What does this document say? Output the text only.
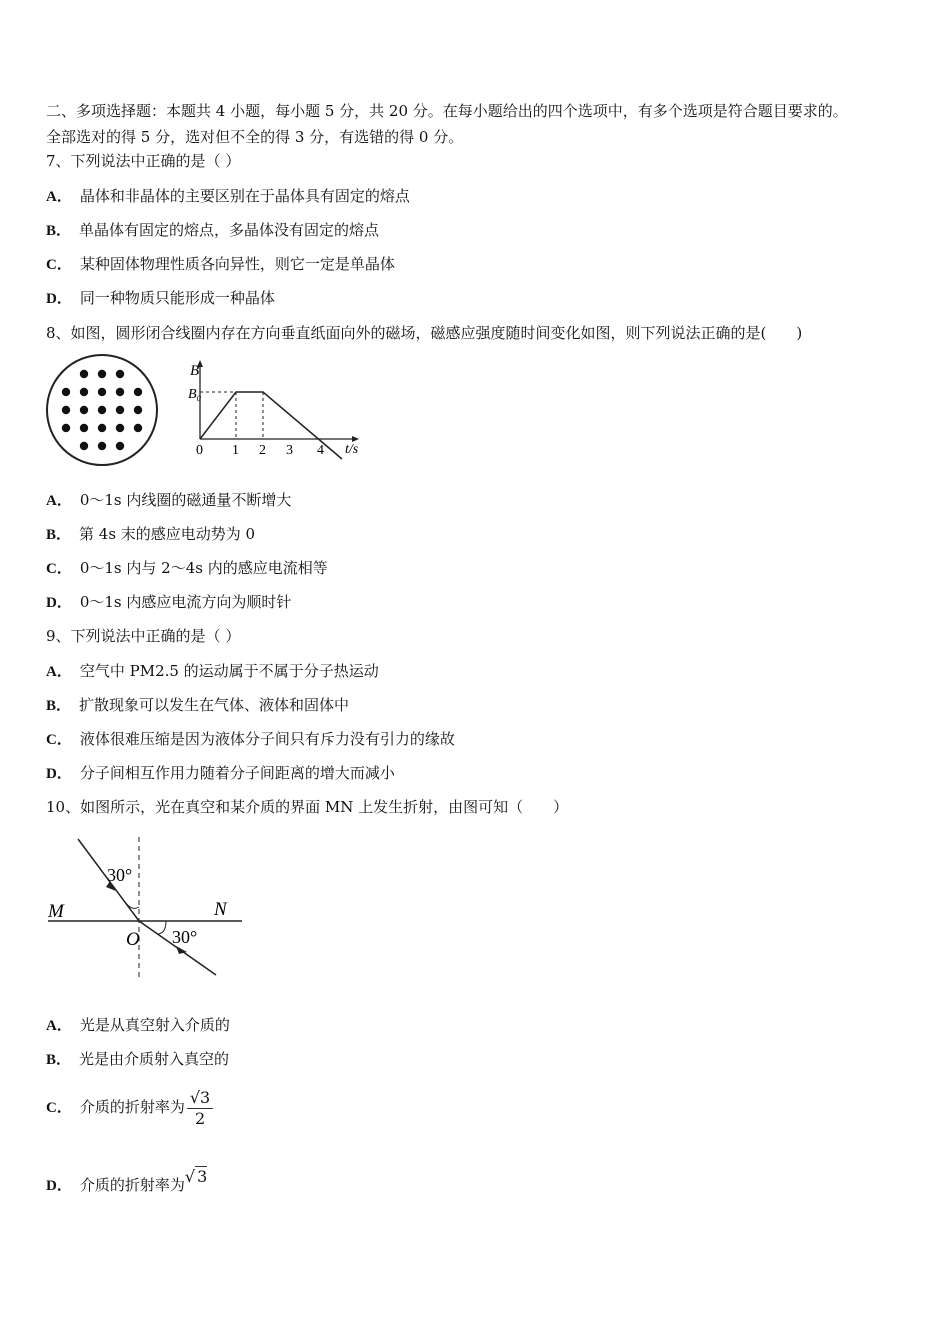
二、多项选择题：本题共 4 小题，每小题 5 分，共 20 分。在每小题给出的四个选项中，有多个选项是符合题目要求的。
全部选对的得 5 分，选对但不全的得 3 分，有选错的得 0 分。
7、下列说法中正确的是（ ）
A． 晶体和非晶体的主要区别在于晶体具有固定的熔点
B． 单晶体有固定的熔点，多晶体没有固定的熔点
C． 某种固体物理性质各向异性，则它一定是单晶体
D． 同一种物质只能形成一种晶体
8、如图，圆形闭合线圈内存在方向垂直纸面向外的磁场，磁感应强度随时间变化如图，则下列说法正确的是(　　)
B
B₀
0 1 2 3 4 t/s
A． 0～1s 内线圈的磁通量不断增大
B． 第 4s 末的感应电动势为 0
C． 0～1s 内与 2～4s 内的感应电流相等
D． 0～1s 内感应电流方向为顺时针
9、下列说法中正确的是（ ）
A． 空气中 PM2.5 的运动属于不属于分子热运动
B． 扩散现象可以发生在气体、液体和固体中
C． 液体很难压缩是因为液体分子间只有斥力没有引力的缘故
D． 分子间相互作用力随着分子间距离的增大而减小
10、如图所示，光在真空和某介质的界面 MN 上发生折射，由图可知（　　）
30°
30°
M	N
O
A． 光是从真空射入介质的
B． 光是由介质射入真空的
C． 介质的折射率为 $\frac{√3}{2}$
D． 介质的折射率为√ 3
